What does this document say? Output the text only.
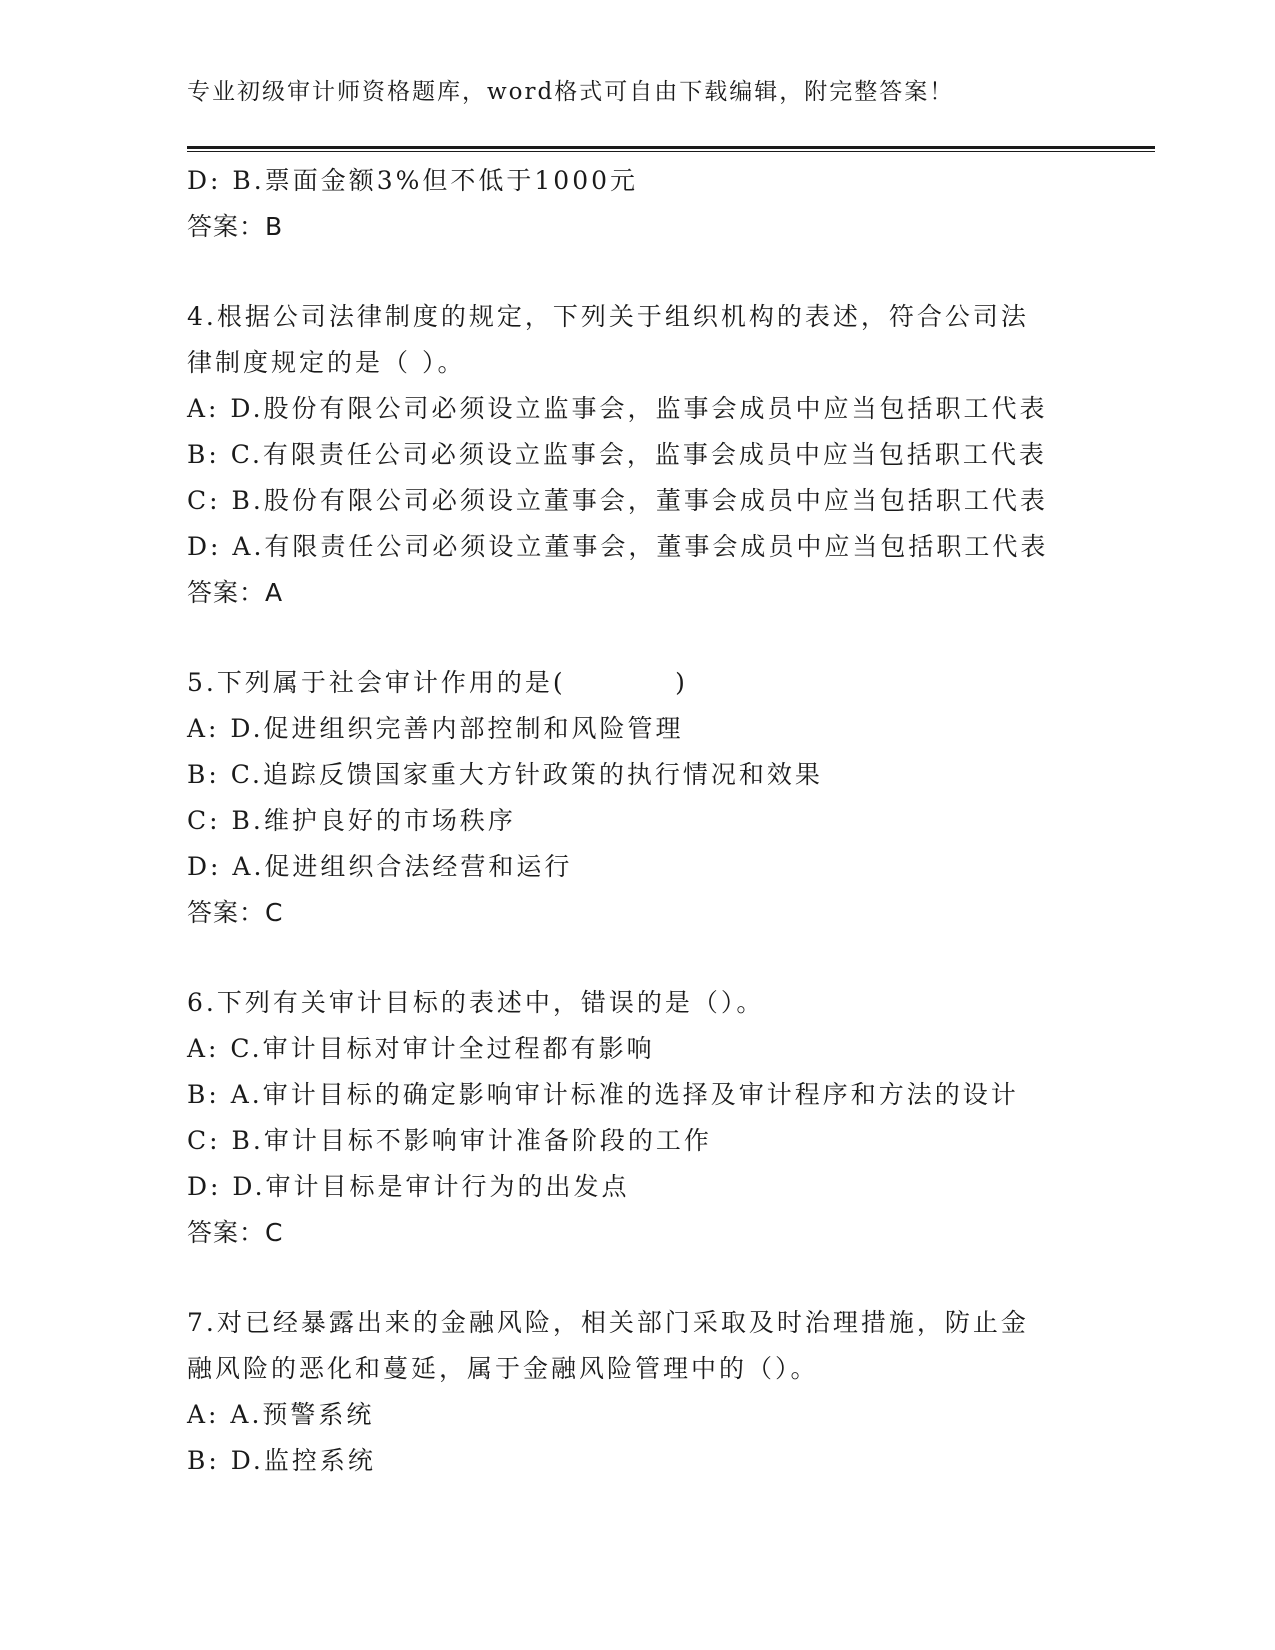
专业初级审计师资格题库，word格式可自由下载编辑，附完整答案！
D: B.票面金额3%但不低于1000元
答案：B
4.根据公司法律制度的规定，下列关于组织机构的表述，符合公司法
律制度规定的是（ ）。
A: D.股份有限公司必须设立监事会，监事会成员中应当包括职工代表
B: C.有限责任公司必须设立监事会，监事会成员中应当包括职工代表
C: B.股份有限公司必须设立董事会，董事会成员中应当包括职工代表
D: A.有限责任公司必须设立董事会，董事会成员中应当包括职工代表
答案：A
5.下列属于社会审计作用的是(          )
A: D.促进组织完善内部控制和风险管理
B: C.追踪反馈国家重大方针政策的执行情况和效果
C: B.维护良好的市场秩序
D: A.促进组织合法经营和运行
答案：C
6.下列有关审计目标的表述中，错误的是（）。
A: C.审计目标对审计全过程都有影响
B: A.审计目标的确定影响审计标准的选择及审计程序和方法的设计
C: B.审计目标不影响审计准备阶段的工作
D: D.审计目标是审计行为的出发点
答案：C
7.对已经暴露出来的金融风险，相关部门采取及时治理措施，防止金
融风险的恶化和蔓延，属于金融风险管理中的（）。
A: A.预警系统
B: D.监控系统
